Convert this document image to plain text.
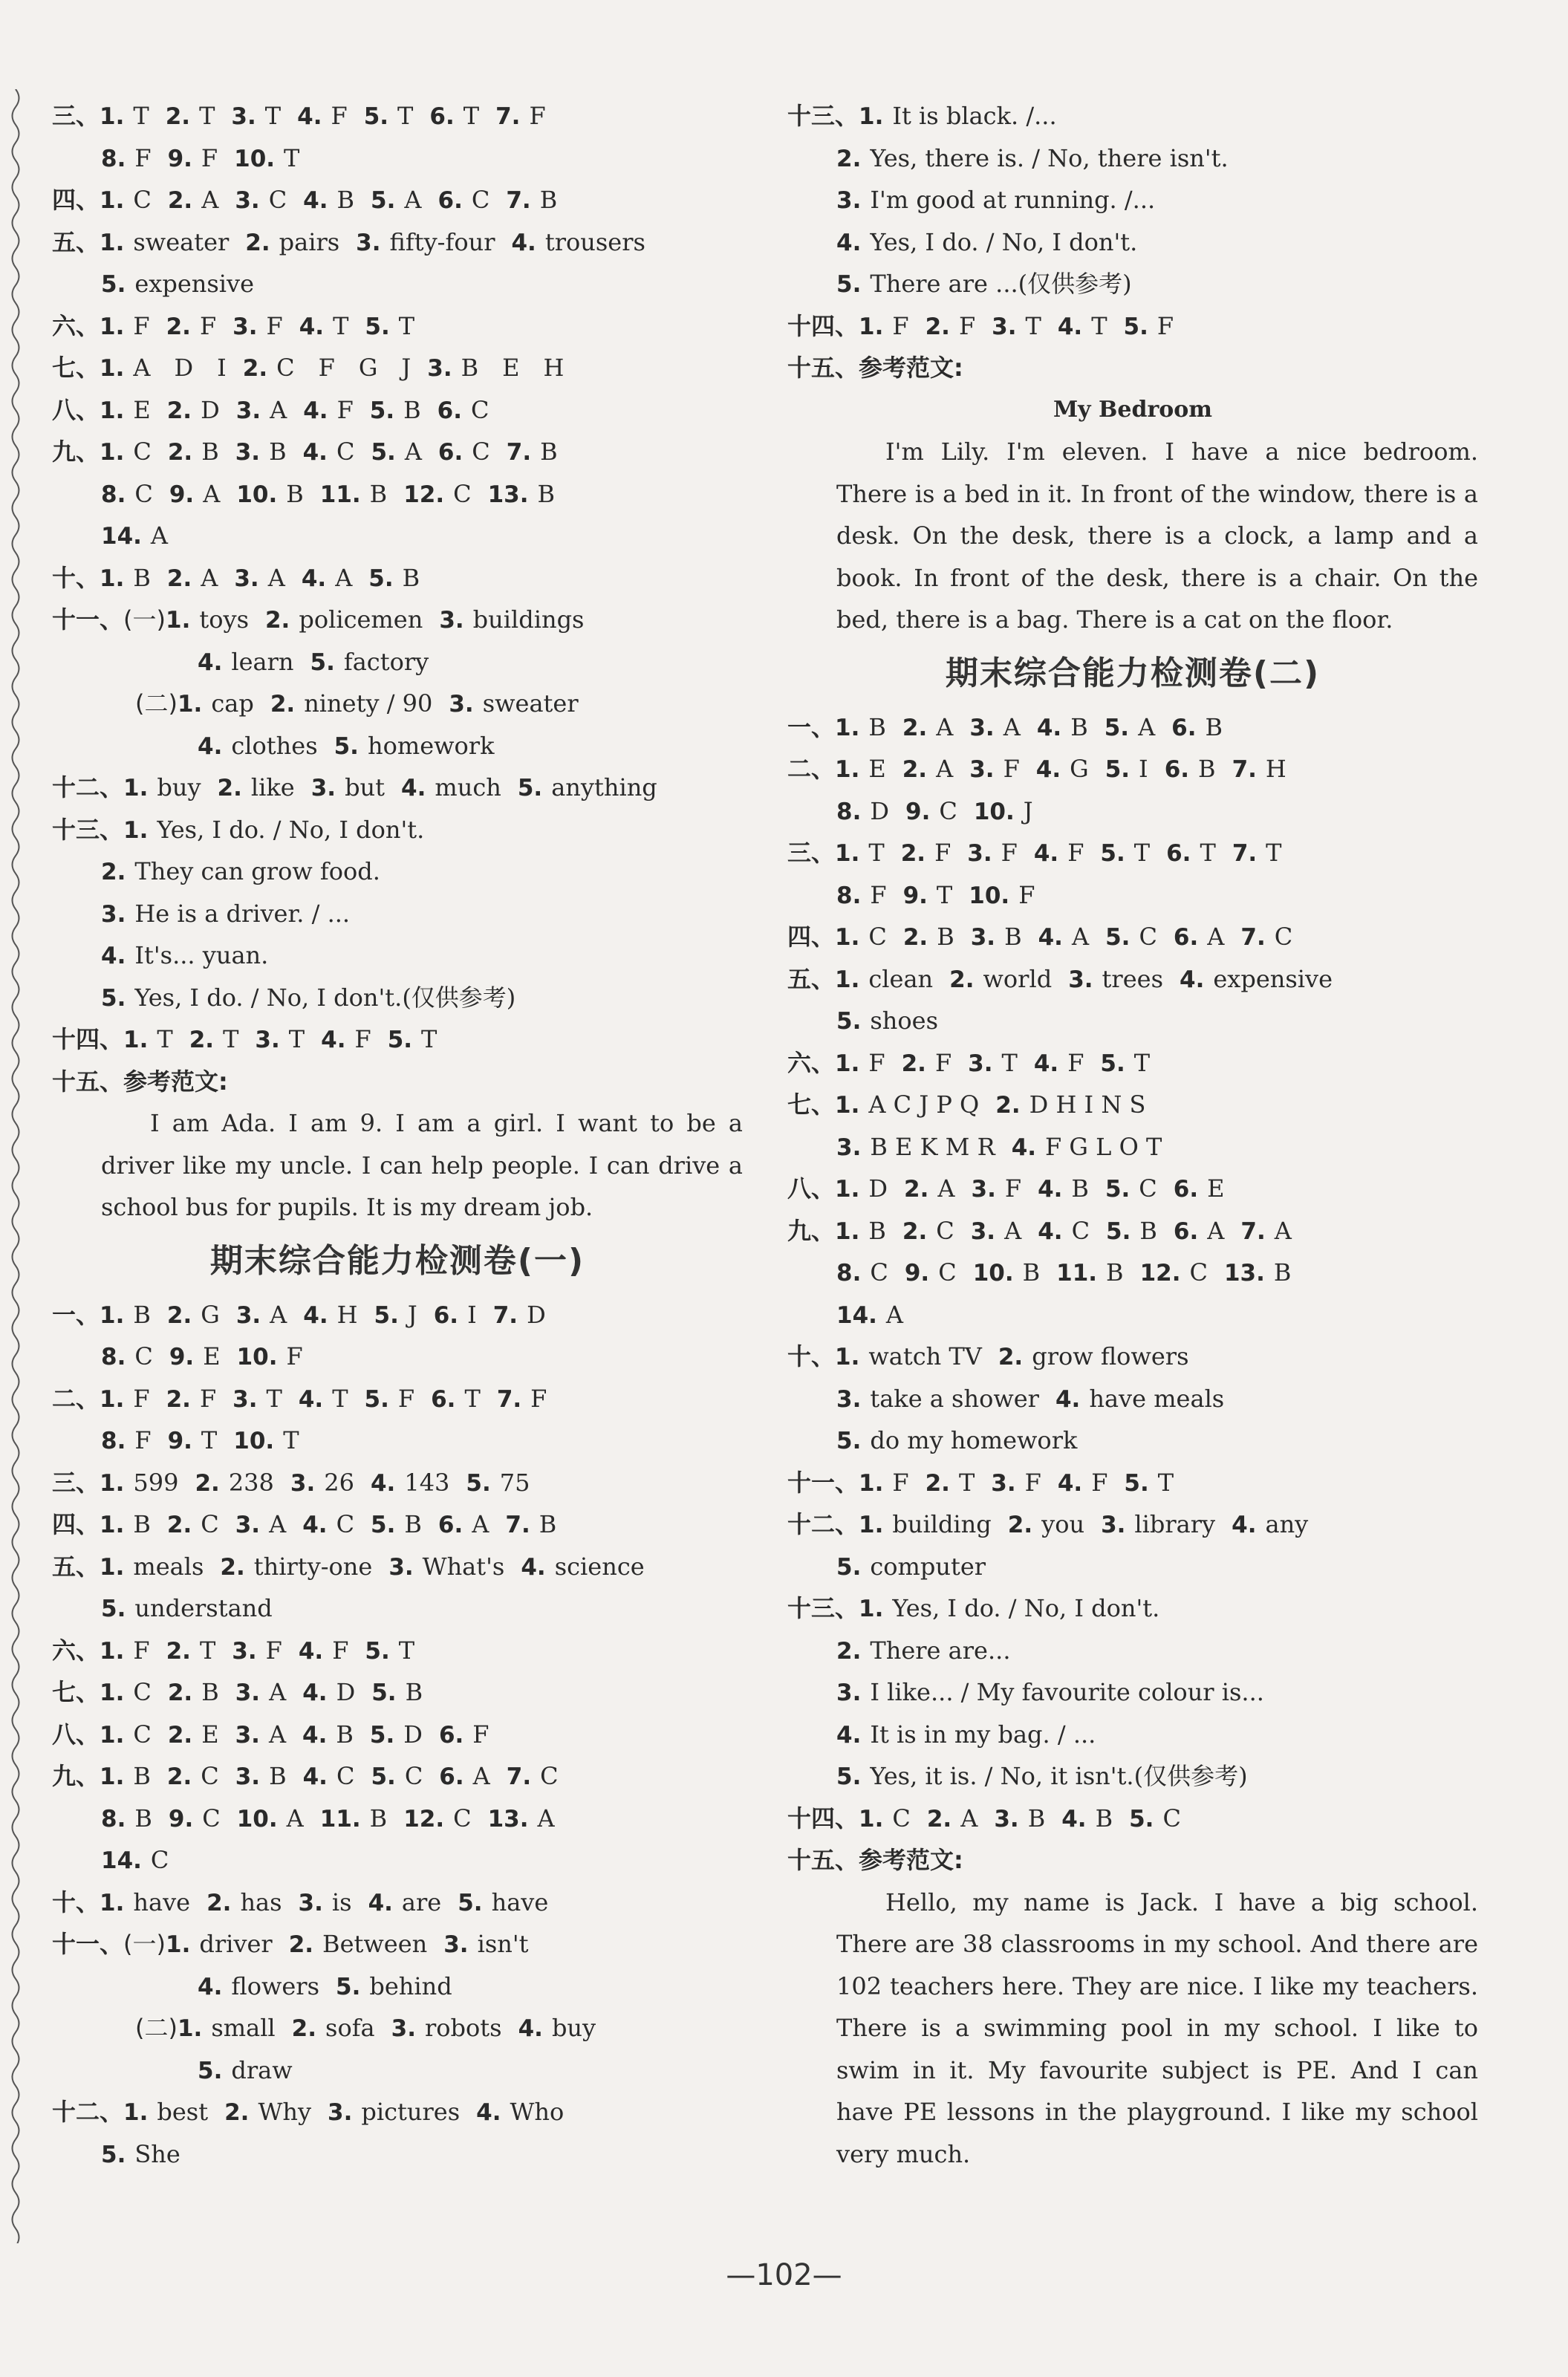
三、1. T 2. T 3. T 4. F 5. T 6. T 7. F
8. F 9. F 10. T
四、1. C 2. A 3. C 4. B 5. A 6. C 7. B
五、1. sweater 2. pairs 3. fifty-four 4. trousers
5. expensive
六、1. F 2. F 3. F 4. T 5. T
七、1. A　D　I 2. C　F　G　J 3. B　E　H
八、1. E 2. D 3. A 4. F 5. B 6. C
九、1. C 2. B 3. B 4. C 5. A 6. C 7. B
8. C 9. A 10. B 11. B 12. C 13. B
14. A
十、1. B 2. A 3. A 4. A 5. B
十一、(一)1. toys 2. policemen 3. buildings
4. learn 5. factory
(二)1. cap 2. ninety / 90 3. sweater
4. clothes 5. homework
十二、1. buy 2. like 3. but 4. much 5. anything
十三、1. Yes, I do. / No, I don't.
2. They can grow food.
3. He is a driver. / ...
4. It's... yuan.
5. Yes, I do. / No, I don't.(仅供参考)
十四、1. T 2. T 3. T 4. F 5. T
十五、参考范文:
I am Ada. I am 9. I am a girl. I want to be a driver like my uncle. I can help people. I can drive a school bus for pupils. It is my dream job.
期末综合能力检测卷(一)
一、1. B 2. G 3. A 4. H 5. J 6. I 7. D
8. C 9. E 10. F
二、1. F 2. F 3. T 4. T 5. F 6. T 7. F
8. F 9. T 10. T
三、1. 599 2. 238 3. 26 4. 143 5. 75
四、1. B 2. C 3. A 4. C 5. B 6. A 7. B
五、1. meals 2. thirty-one 3. What's 4. science
5. understand
六、1. F 2. T 3. F 4. F 5. T
七、1. C 2. B 3. A 4. D 5. B
八、1. C 2. E 3. A 4. B 5. D 6. F
九、1. B 2. C 3. B 4. C 5. C 6. A 7. C
8. B 9. C 10. A 11. B 12. C 13. A
14. C
十、1. have 2. has 3. is 4. are 5. have
十一、(一)1. driver 2. Between 3. isn't
4. flowers 5. behind
(二)1. small 2. sofa 3. robots 4. buy
5. draw
十二、1. best 2. Why 3. pictures 4. Who
5. She
十三、1. It is black. /...
2. Yes, there is. / No, there isn't.
3. I'm good at running. /...
4. Yes, I do. / No, I don't.
5. There are ...(仅供参考)
十四、1. F 2. F 3. T 4. T 5. F
十五、参考范文:
My Bedroom
I'm Lily. I'm eleven. I have a nice bedroom. There is a bed in it. In front of the window, there is a desk. On the desk, there is a clock, a lamp and a book. In front of the desk, there is a chair. On the bed, there is a bag. There is a cat on the floor.
期末综合能力检测卷(二)
一、1. B 2. A 3. A 4. B 5. A 6. B
二、1. E 2. A 3. F 4. G 5. I 6. B 7. H
8. D 9. C 10. J
三、1. T 2. F 3. F 4. F 5. T 6. T 7. T
8. F 9. T 10. F
四、1. C 2. B 3. B 4. A 5. C 6. A 7. C
五、1. clean 2. world 3. trees 4. expensive
5. shoes
六、1. F 2. F 3. T 4. F 5. T
七、1. A C J P Q 2. D H I N S
3. B E K M R 4. F G L O T
八、1. D 2. A 3. F 4. B 5. C 6. E
九、1. B 2. C 3. A 4. C 5. B 6. A 7. A
8. C 9. C 10. B 11. B 12. C 13. B
14. A
十、1. watch TV 2. grow flowers
3. take a shower 4. have meals
5. do my homework
十一、1. F 2. T 3. F 4. F 5. T
十二、1. building 2. you 3. library 4. any
5. computer
十三、1. Yes, I do. / No, I don't.
2. There are...
3. I like... / My favourite colour is...
4. It is in my bag. / ...
5. Yes, it is. / No, it isn't.(仅供参考)
十四、1. C 2. A 3. B 4. B 5. C
十五、参考范文:
Hello, my name is Jack. I have a big school. There are 38 classrooms in my school. And there are 102 teachers here. They are nice. I like my teachers. There is a swimming pool in my school. I like to swim in it. My favourite subject is PE. And I can have PE lessons in the playground. I like my school very much.
—102—
